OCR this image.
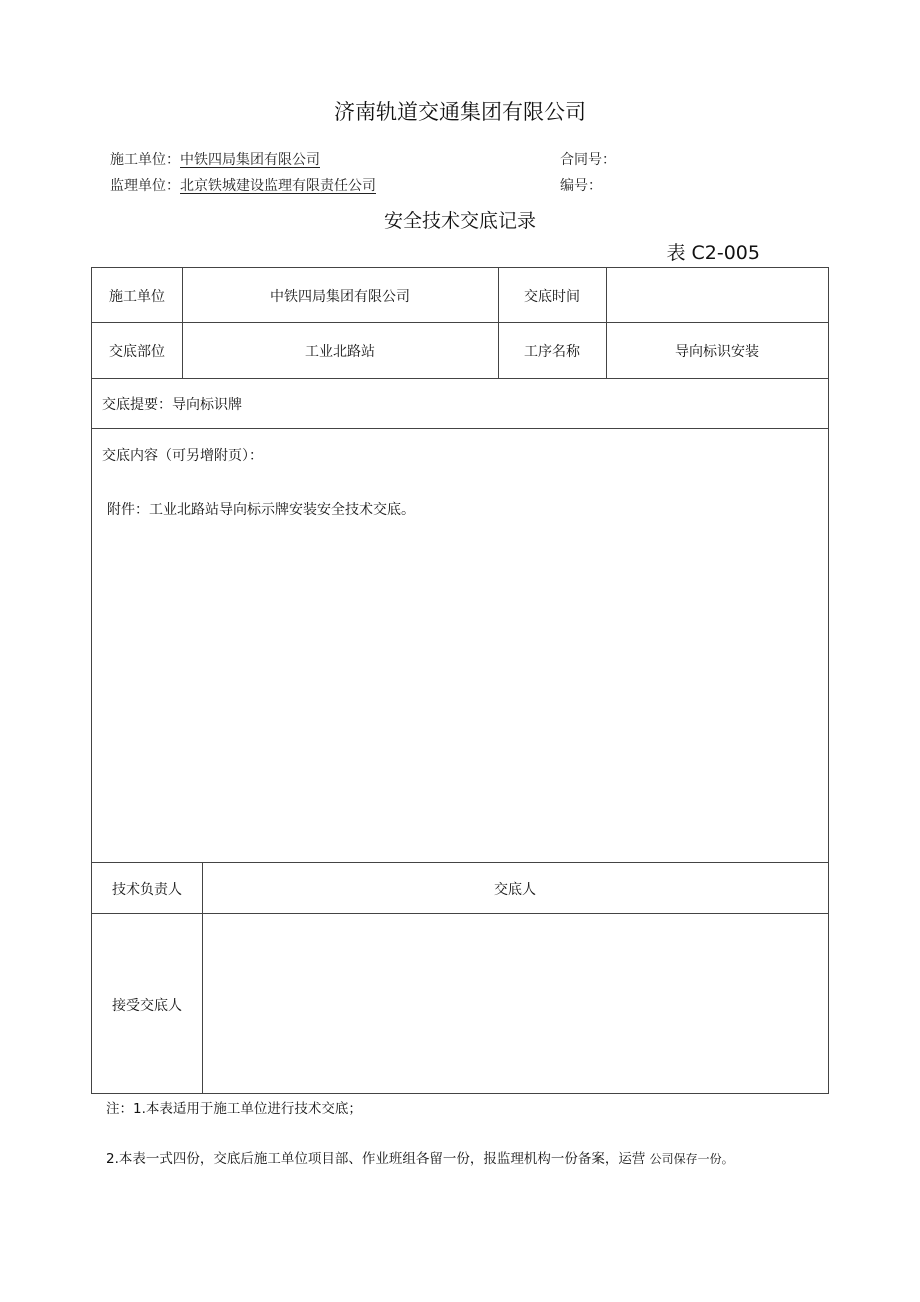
济南轨道交通集团有限公司
施工单位：中铁四局集团有限公司	合同号：
监理单位：北京铁城建设监理有限责任公司	编号：
安全技术交底记录
表 C2-005
施工单位	中铁四局集团有限公司	交底时间
交底部位	工业北路站	工序名称	导向标识安装
交底提要：导向标识牌
交底内容（可另增附页）：
附件：工业北路站导向标示牌安装安全技术交底。
技术负责人	交底人
接受交底人
注：1.本表适用于施工单位进行技术交底；
2.本表一式四份，交底后施工单位项目部、作业班组各留一份，报监理机构一份备案，运营 公司保存一份。
